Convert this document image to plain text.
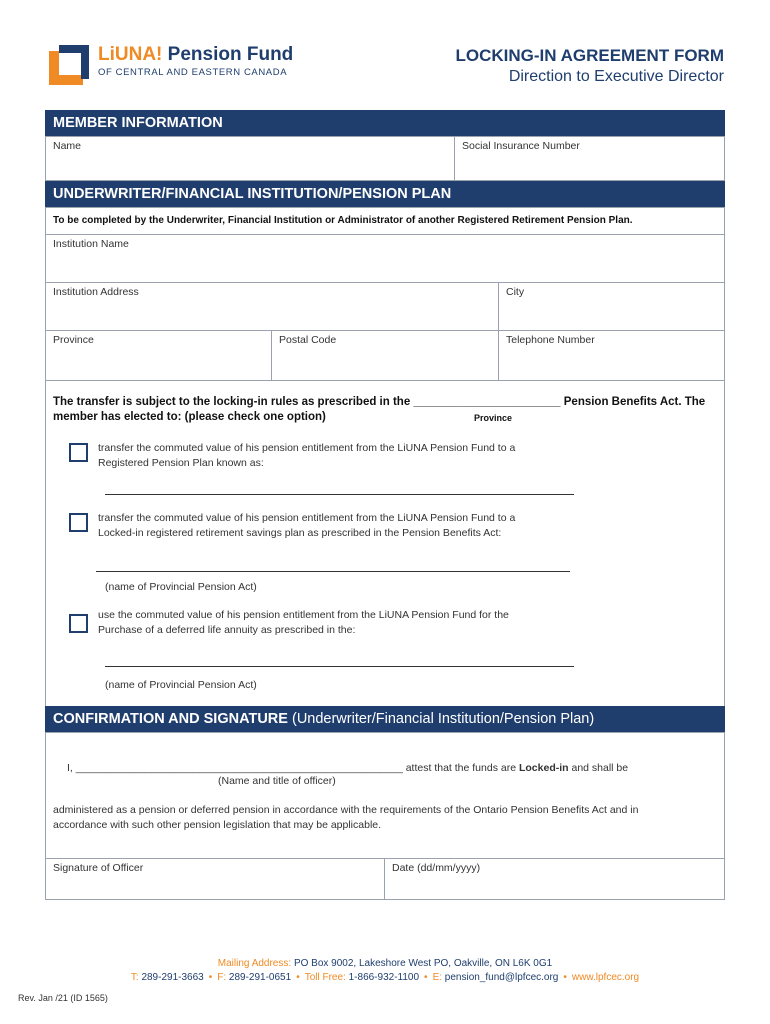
LiUNA! Pension Fund
OF CENTRAL AND EASTERN CANADA
LOCKING-IN AGREEMENT FORM
Direction to Executive Director
MEMBER INFORMATION
Name	Social Insurance Number
UNDERWRITER/FINANCIAL INSTITUTION/PENSION PLAN
To be completed by the Underwriter, Financial Institution or Administrator of another Registered Retirement Pension Plan.
Institution Name
Institution Address	City
Province	Postal Code	Telephone Number
The transfer is subject to the locking-in rules as prescribed in the _______________________ Pension Benefits Act. The
member has elected to: (please check one option)	Province
transfer the commuted value of his pension entitlement from the LiUNA Pension Fund to a
Registered Pension Plan known as:
transfer the commuted value of his pension entitlement from the LiUNA Pension Fund to a
Locked-in registered retirement savings plan as prescribed in the Pension Benefits Act:
(name of Provincial Pension Act)
use the commuted value of his pension entitlement from the LiUNA Pension Fund for the
Purchase of a deferred life annuity as prescribed in the:
(name of Provincial Pension Act)
CONFIRMATION AND SIGNATURE (Underwriter/Financial Institution/Pension Plan)
I, ________________________________________________________ attest that the funds are Locked-in and shall be
(Name and title of officer)
administered as a pension or deferred pension in accordance with the requirements of the Ontario Pension Benefits Act and in
accordance with such other pension legislation that may be applicable.
Signature of Officer	Date (dd/mm/yyyy)
Mailing Address: PO Box 9002, Lakeshore West PO, Oakville, ON L6K 0G1
T: 289-291-3663 • F: 289-291-0651 • Toll Free: 1-866-932-1100 • E: pension_fund@lpfcec.org • www.lpfcec.org
Rev. Jan /21 (ID 1565)
